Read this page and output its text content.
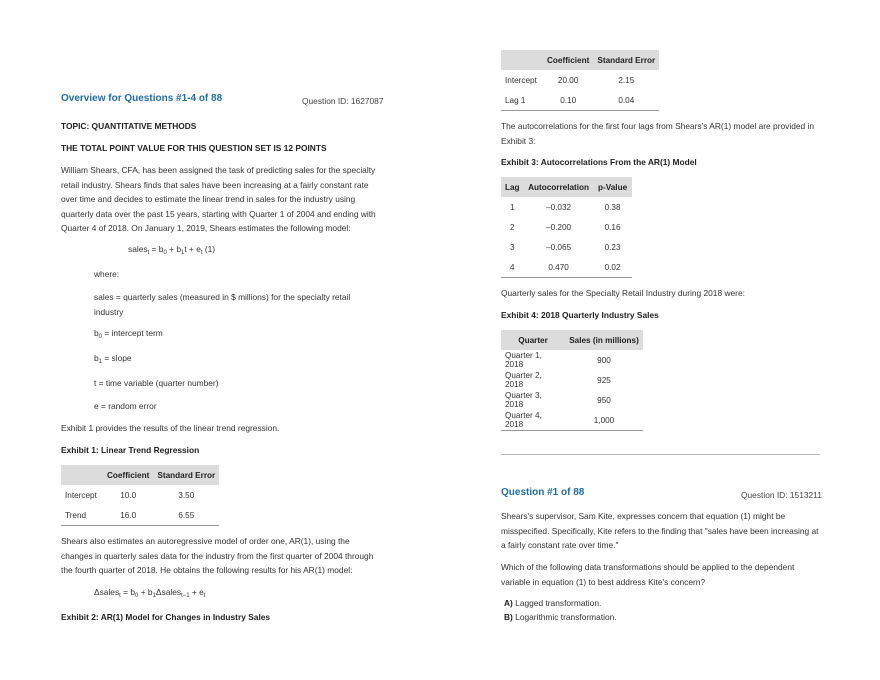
Overview for Questions #1-4 of 88	Question ID: 1627087
TOPIC: QUANTITATIVE METHODS
THE TOTAL POINT VALUE FOR THIS QUESTION SET IS 12 POINTS

William Shears, CFA, has been assigned the task of predicting sales for the specialty retail industry. Shears finds that sales have been increasing at a fairly constant rate over time and decides to estimate the linear trend in sales for the industry using quarterly data over the past 15 years, starting with Quarter 1 of 2004 and ending with Quarter 4 of 2018. On January 1, 2019, Shears estimates the following model:

sales$_t$ = $b_0 + b_1t + e_t$ (1)
where:

sales = quarterly sales (measured in $ millions) for the specialty retail industry

$b_0$ = intercept term
$b_1$ = slope
t = time variable (quarter number)
e = random error
Exhibit 1 provides the results of the linear trend regression.
Exhibit 1: Linear Trend Regression
	Coefficient	Standard Error
Intercept	10.0	3.50
Trend	16.0	6.55

Shears also estimates an autoregressive model of order one, AR(1), using the changes in quarterly sales data for the industry from the first quarter of 2004 through the fourth quarter of 2018. He obtains the following results for his AR(1) model:

Δsales$_t$ = $b_0$ + $b_1\Delta sales_{t-1} + e_t$
Exhibit 2: AR(1) Model for Changes in Industry Sales
	Coefficient	Standard Error
Intercept	20.00	2.15
Lag 1	0.10	0.04

The autocorrelations for the first four lags from Shears's AR(1) model are provided in Exhibit 3:

Exhibit 3: Autocorrelations From the AR(1) Model
Lag	Autocorrelation	p-Value
1	–0.032	0.38
2	–0.200	0.16
3	–0.065	0.23
4	0.470	0.02
Quarterly sales for the Specialty Retail Industry during 2018 were:
Exhibit 4: 2018 Quarterly Industry Sales
Quarter	Sales (in millions)
Quarter 1, 2018	900
Quarter 2, 2018	925
Quarter 3, 2018	950
Quarter 4, 2018	1,000
Question #1 of 88	Question ID: 1513211

Shears's supervisor, Sam Kite, expresses concern that equation (1) might be misspecified. Specifically, Kite refers to the finding that "sales have been increasing at a fairly constant rate over time."

Which of the following data transformations should be applied to the dependent variable in equation (1) to best address Kite's concern?

A) Lagged transformation.
B) Logarithmic transformation.
